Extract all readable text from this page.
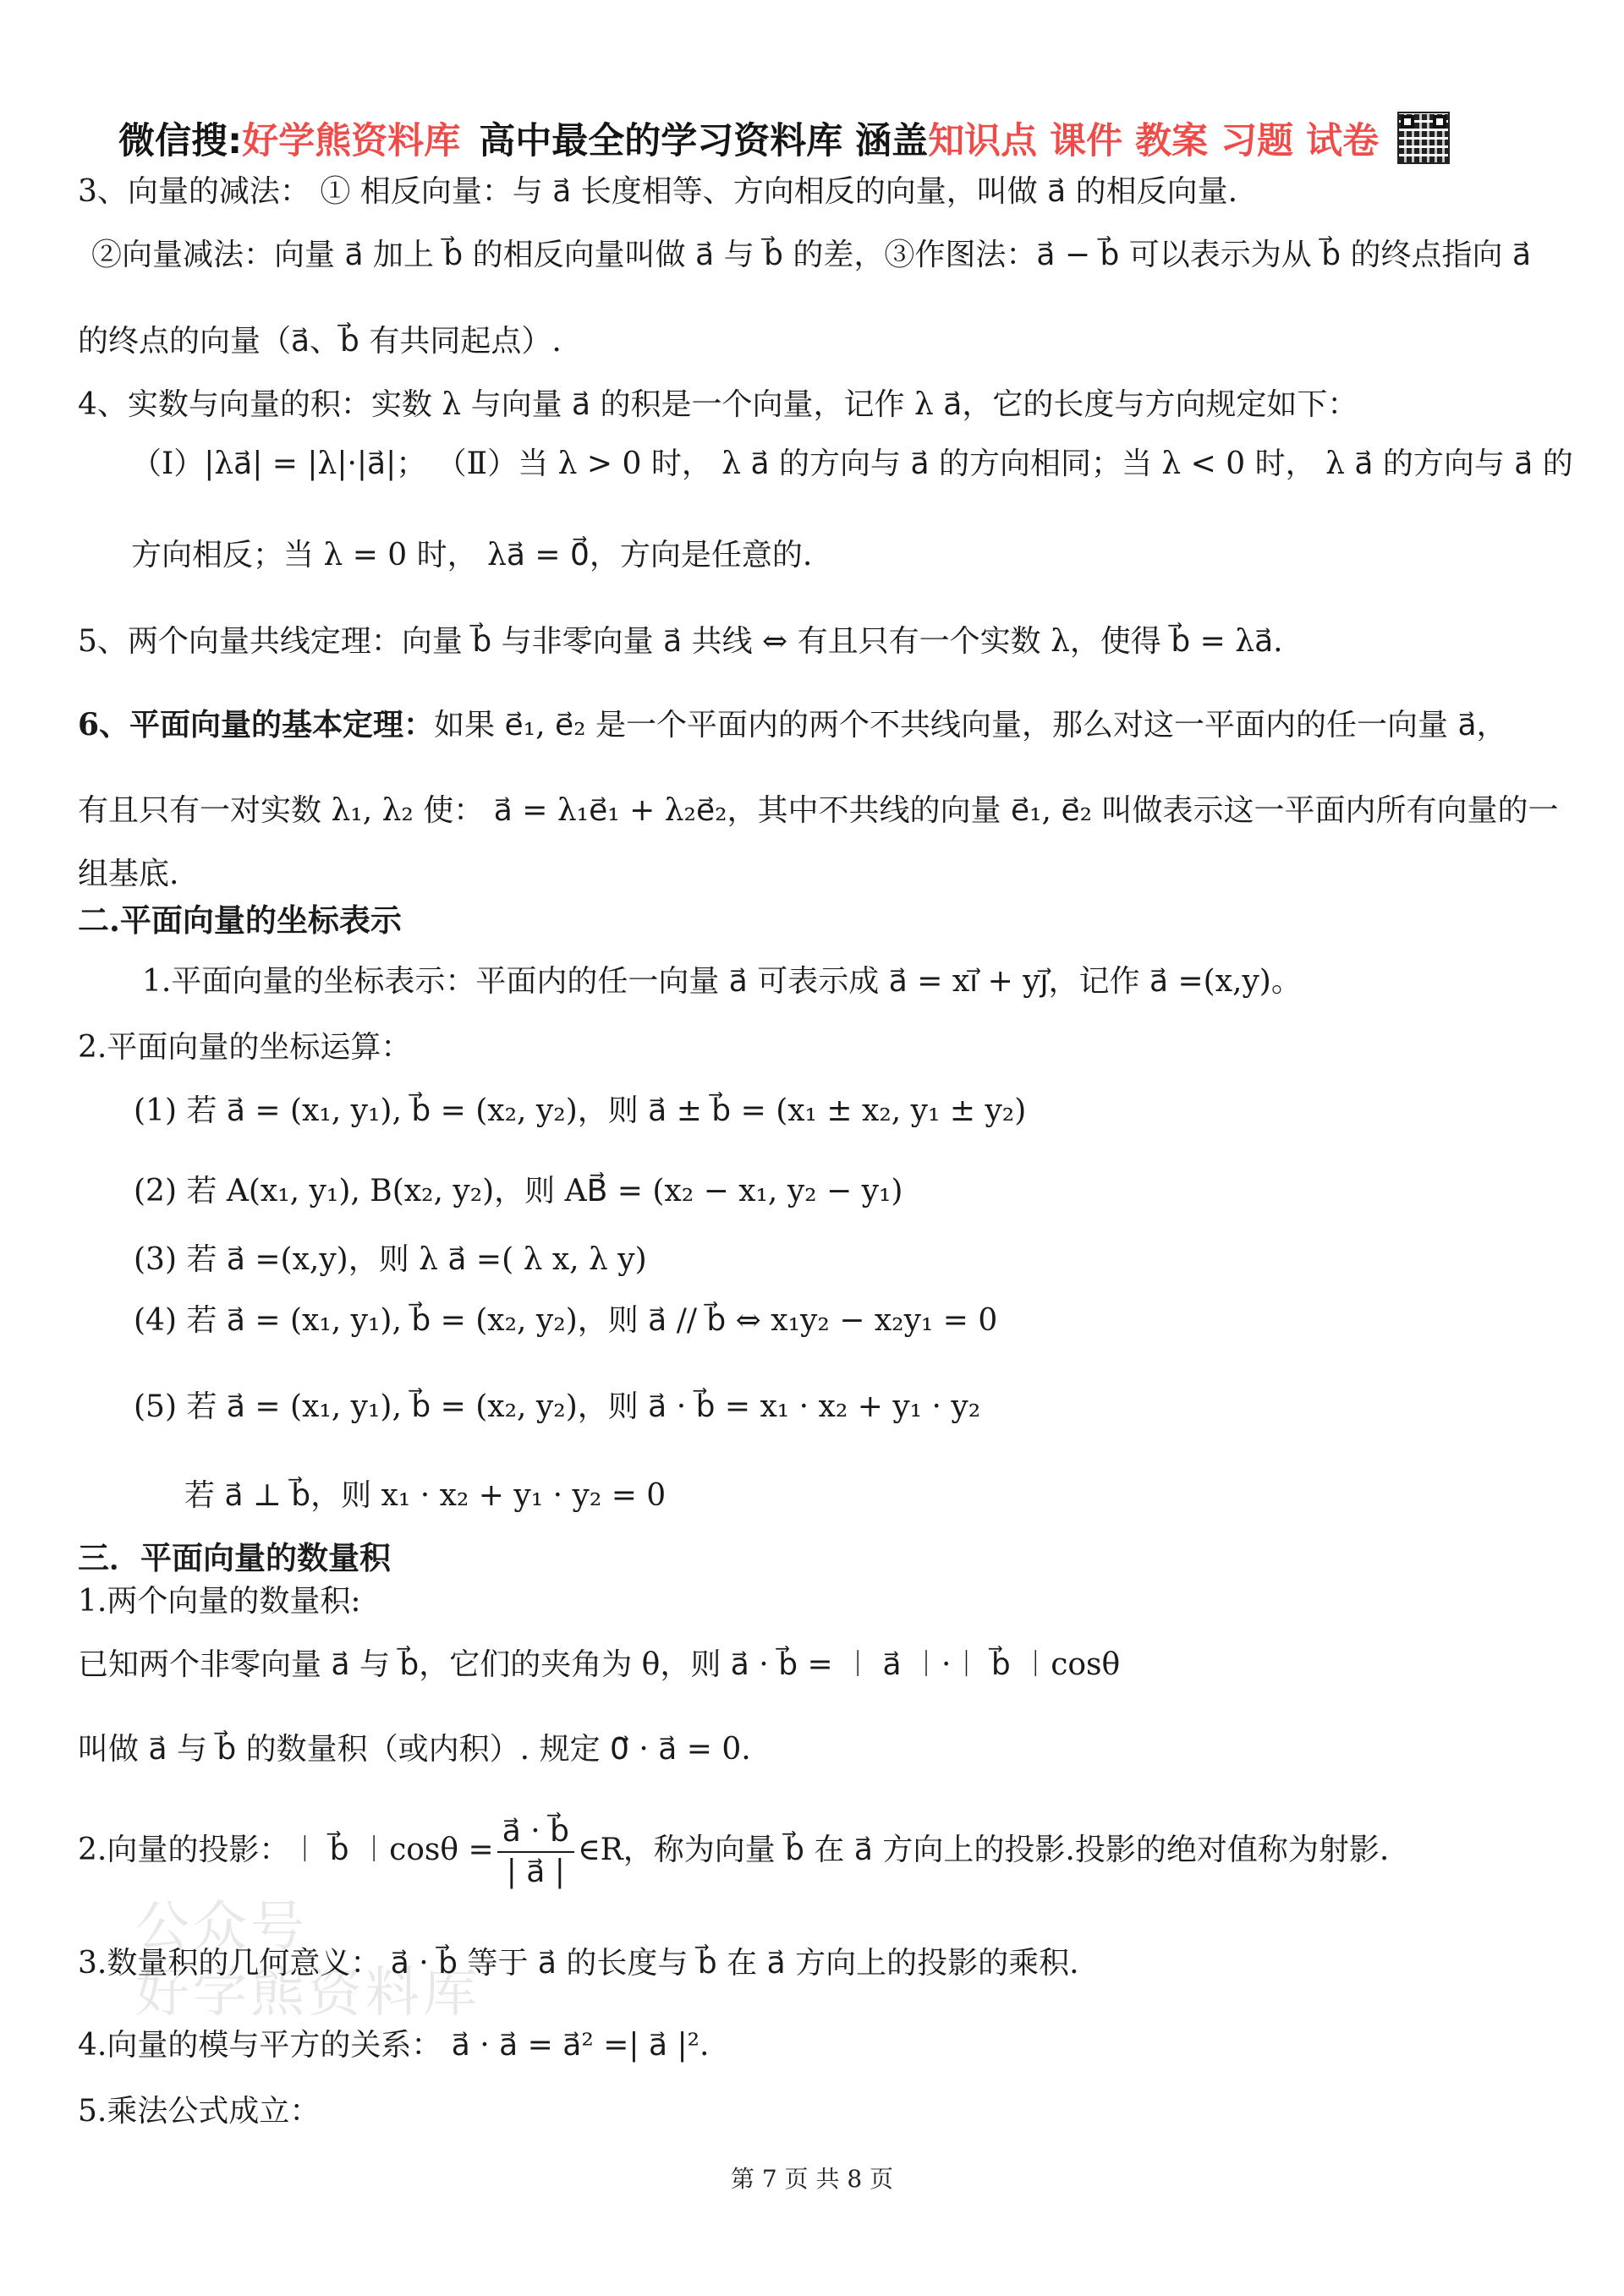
微信搜: 好学熊资料库 高中最全的学习资料库 涵盖 知识点 课件 教案 习题 试卷
公众号
好学熊资料库
3、向量的减法： ① 相反向量：与 a⃗ 长度相等、方向相反的向量，叫做 a⃗ 的相反向量.
②向量减法：向量 a⃗ 加上 b⃗ 的相反向量叫做 a⃗ 与 b⃗ 的差，③作图法：a⃗ − b⃗ 可以表示为从 b⃗ 的终点指向 a⃗
的终点的向量（a⃗、b⃗ 有共同起点）.
4、实数与向量的积：实数 λ 与向量 a⃗ 的积是一个向量，记作 λ a⃗，它的长度与方向规定如下：
（Ⅰ）|λa⃗| = |λ|·|a⃗|； （Ⅱ）当 λ > 0 时， λ a⃗ 的方向与 a⃗ 的方向相同；当 λ < 0 时， λ a⃗ 的方向与 a⃗ 的
方向相反；当 λ = 0 时， λa⃗ = 0⃗，方向是任意的.
5、两个向量共线定理：向量 b⃗ 与非零向量 a⃗ 共线 ⇔ 有且只有一个实数 λ，使得 b⃗ = λa⃗.
6、平面向量的基本定理：如果 e⃗₁, e⃗₂ 是一个平面内的两个不共线向量，那么对这一平面内的任一向量 a⃗，
有且只有一对实数 λ₁, λ₂ 使： a⃗ = λ₁e⃗₁ + λ₂e⃗₂，其中不共线的向量 e⃗₁, e⃗₂ 叫做表示这一平面内所有向量的一
组基底.
二.平面向量的坐标表示
1.平面向量的坐标表示：平面内的任一向量 a⃗ 可表示成 a⃗ = xi⃗ + yj⃗，记作 a⃗ =(x,y)。
2.平面向量的坐标运算：
(1) 若 a⃗ = (x₁, y₁), b⃗ = (x₂, y₂)，则 a⃗ ± b⃗ = (x₁ ± x₂, y₁ ± y₂)
(2) 若 A(x₁, y₁), B(x₂, y₂)，则 AB⃗ = (x₂ − x₁, y₂ − y₁)
(3) 若 a⃗ =(x,y)，则 λ a⃗ =( λ x, λ y)
(4) 若 a⃗ = (x₁, y₁), b⃗ = (x₂, y₂)，则 a⃗ // b⃗ ⇔ x₁y₂ − x₂y₁ = 0
(5) 若 a⃗ = (x₁, y₁), b⃗ = (x₂, y₂)，则 a⃗ · b⃗ = x₁ · x₂ + y₁ · y₂
若 a⃗ ⊥ b⃗，则 x₁ · x₂ + y₁ · y₂ = 0
三．平面向量的数量积
1.两个向量的数量积:
已知两个非零向量 a⃗ 与 b⃗，它们的夹角为 θ，则 a⃗ · b⃗ = ︱ a⃗ ︱·︱ b⃗ ︱cosθ
叫做 a⃗ 与 b⃗ 的数量积（或内积）. 规定 0⃗ · a⃗ = 0.
2.向量的投影：︱ b⃗ ︱cosθ = $\frac{a⃗ \cdot b⃗}{| a⃗ |}$ ∈R，称为向量 b⃗ 在 a⃗ 方向上的投影.投影的绝对值称为射影.
3.数量积的几何意义： a⃗ · b⃗ 等于 a⃗ 的长度与 b⃗ 在 a⃗ 方向上的投影的乘积.
4.向量的模与平方的关系： a⃗ · a⃗ = a⃗² =| a⃗ |².
5.乘法公式成立：
第 7 页 共 8 页
